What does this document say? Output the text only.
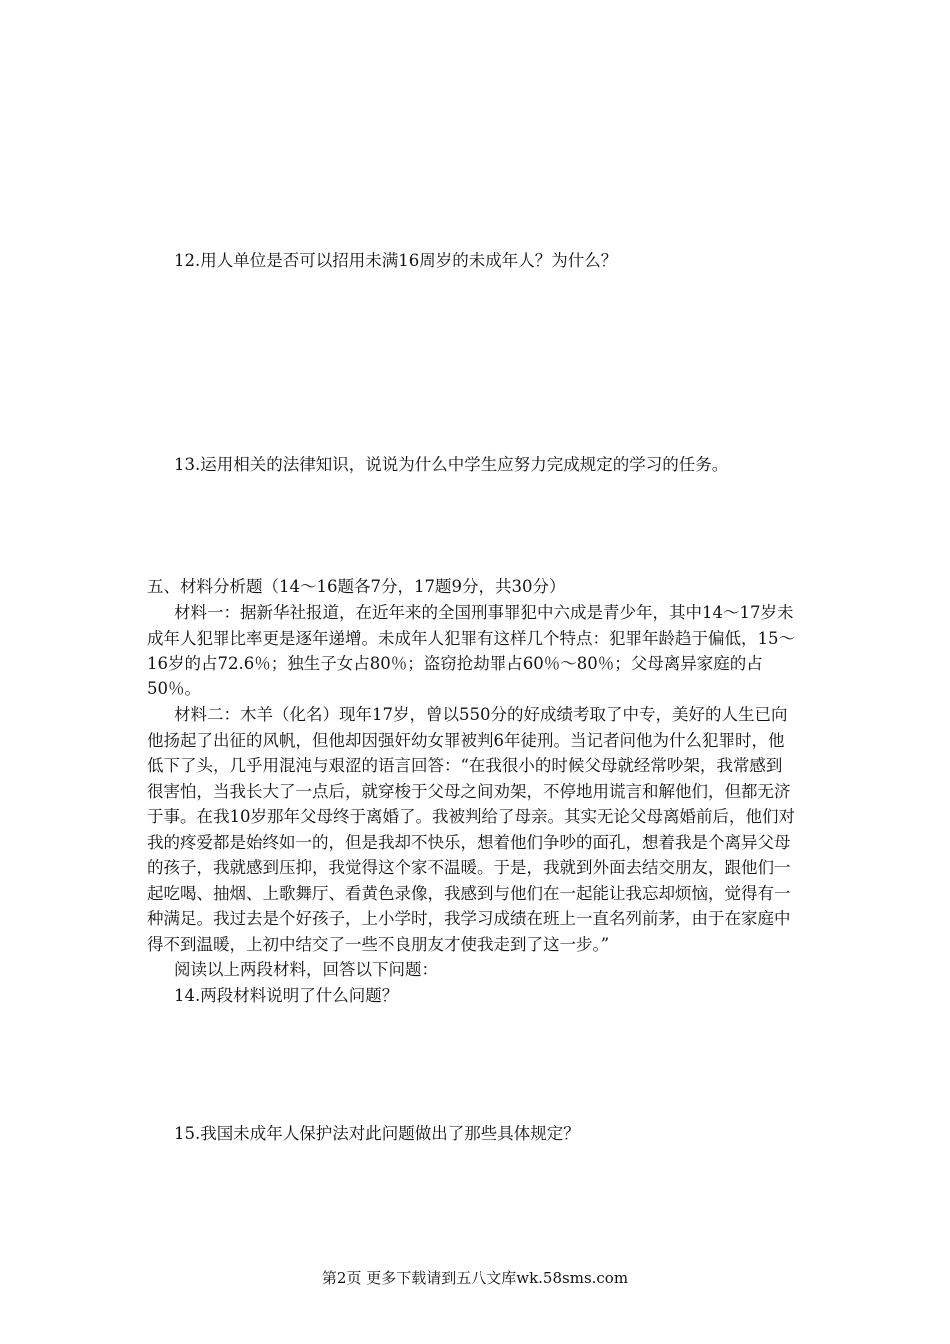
12.用人单位是否可以招用未满16周岁的未成年人？为什么？
13.运用相关的法律知识，说说为什么中学生应努力完成规定的学习的任务。
五、材料分析题（14～16题各7分，17题9分，共30分）
材料一：据新华社报道，在近年来的全国刑事罪犯中六成是青少年，其中14～17岁未
成年人犯罪比率更是逐年递增。未成年人犯罪有这样几个特点：犯罪年龄趋于偏低，15～
16岁的占72.6％；独生子女占80％；盗窃抢劫罪占60％～80％；父母离异家庭的占
50％。
材料二：木羊（化名）现年17岁，曾以550分的好成绩考取了中专，美好的人生已向
他扬起了出征的风帆，但他却因强奸幼女罪被判6年徒刑。当记者问他为什么犯罪时，他
低下了头，几乎用混沌与艰涩的语言回答：“在我很小的时候父母就经常吵架，我常感到
很害怕，当我长大了一点后，就穿梭于父母之间劝架，不停地用谎言和解他们，但都无济
于事。在我10岁那年父母终于离婚了。我被判给了母亲。其实无论父母离婚前后，他们对
我的疼爱都是始终如一的，但是我却不快乐，想着他们争吵的面孔，想着我是个离异父母
的孩子，我就感到压抑，我觉得这个家不温暖。于是，我就到外面去结交朋友，跟他们一
起吃喝、抽烟、上歌舞厅、看黄色录像，我感到与他们在一起能让我忘却烦恼，觉得有一
种满足。我过去是个好孩子，上小学时，我学习成绩在班上一直名列前茅，由于在家庭中
得不到温暖，上初中结交了一些不良朋友才使我走到了这一步。”
阅读以上两段材料，回答以下问题：
14.两段材料说明了什么问题？
15.我国未成年人保护法对此问题做出了那些具体规定？
第2页 更多下载请到五八文库wk.58sms.com
